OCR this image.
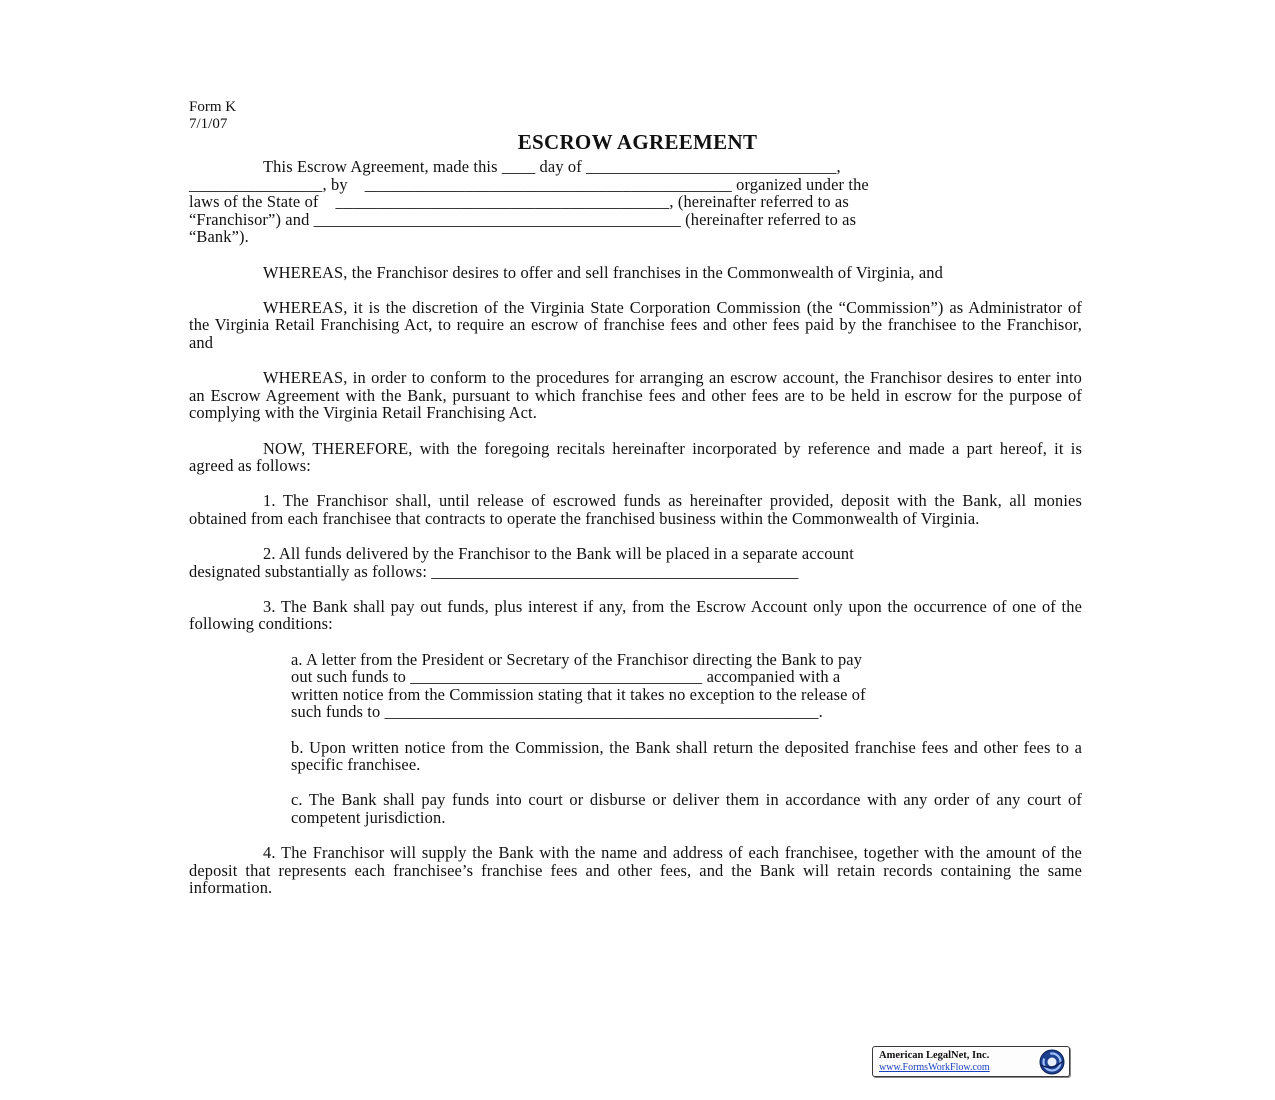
Form K
7/1/07
ESCROW AGREEMENT
This Escrow Agreement, made this ____ day of ______________________________,
________________, by    ____________________________________________ organized under the
laws of the State of    ________________________________________, (hereinafter referred to as
“Franchisor”) and ____________________________________________ (hereinafter referred to as
“Bank”).

WHEREAS, the Franchisor desires to offer and sell franchises in the Commonwealth of Virginia, and

WHEREAS, it is the discretion of the Virginia State Corporation Commission (the “Commission”) as Administrator of the Virginia Retail Franchising Act, to require an escrow of franchise fees and other fees paid by the franchisee to the Franchisor, and

WHEREAS, in order to conform to the procedures for arranging an escrow account, the Franchisor desires to enter into an Escrow Agreement with the Bank, pursuant to which franchise fees and other fees are to be held in escrow for the purpose of complying with the Virginia Retail Franchising Act.

NOW, THEREFORE, with the foregoing recitals hereinafter incorporated by reference and made a part hereof, it is agreed as follows:

1. The Franchisor shall, until release of escrowed funds as hereinafter provided, deposit with the Bank, all monies obtained from each franchisee that contracts to operate the franchised business within the Commonwealth of Virginia.

2. All funds delivered by the Franchisor to the Bank will be placed in a separate account
designated substantially as follows: ____________________________________________

3. The Bank shall pay out funds, plus interest if any, from the Escrow Account only upon the occurrence of one of the following conditions:

a. A letter from the President or Secretary of the Franchisor directing the Bank to pay
out such funds to ___________________________________ accompanied with a
written notice from the Commission stating that it takes no exception to the release of
such funds to ____________________________________________________.

b. Upon written notice from the Commission, the Bank shall return the deposited franchise fees and other fees to a specific franchisee.

c. The Bank shall pay funds into court or disburse or deliver them in accordance with any order of any court of competent jurisdiction.

4. The Franchisor will supply the Bank with the name and address of each franchisee, together with the amount of the deposit that represents each franchisee’s franchise fees and other fees, and the Bank will retain records containing the same information.

American LegalNet, Inc.
www.FormsWorkFlow.com
